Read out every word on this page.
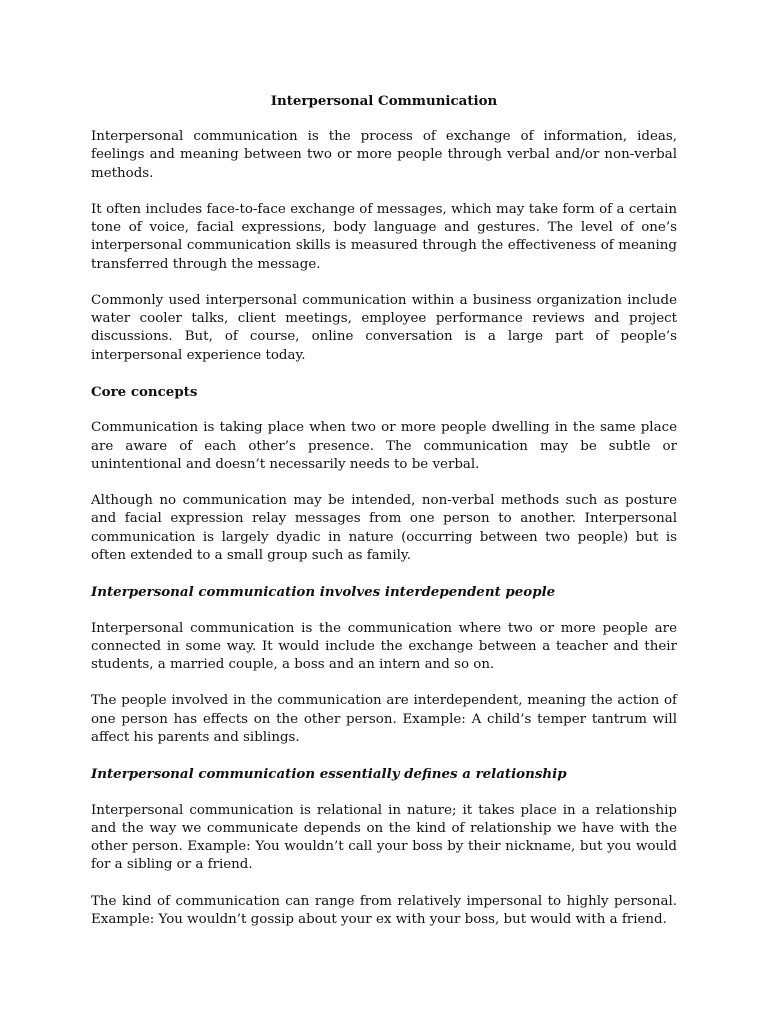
Interpersonal Communication

Interpersonal communication is the process of exchange of information, ideas, feelings and meaning between two or more people through verbal and/or non-verbal methods.

It often includes face-to-face exchange of messages, which may take form of a certain tone of voice, facial expressions, body language and gestures. The level of one’s interpersonal communication skills is measured through the effectiveness of meaning transferred through the message.

Commonly used interpersonal communication within a business organization include water cooler talks, client meetings, employee performance reviews and project discussions. But, of course, online conversation is a large part of people’s interpersonal experience today.

Core concepts

Communication is taking place when two or more people dwelling in the same place are aware of each other’s presence. The communication may be subtle or unintentional and doesn’t necessarily needs to be verbal.

Although no communication may be intended, non-verbal methods such as posture and facial expression relay messages from one person to another. Interpersonal communication is largely dyadic in nature (occurring between two people) but is often extended to a small group such as family.

Interpersonal communication involves interdependent people

Interpersonal communication is the communication where two or more people are connected in some way. It would include the exchange between a teacher and their students, a married couple, a boss and an intern and so on.

The people involved in the communication are interdependent, meaning the action of one person has effects on the other person. Example: A child’s temper tantrum will affect his parents and siblings.

Interpersonal communication essentially defines a relationship

Interpersonal communication is relational in nature; it takes place in a relationship and the way we communicate depends on the kind of relationship we have with the other person. Example: You wouldn’t call your boss by their nickname, but you would for a sibling or a friend.

The kind of communication can range from relatively impersonal to highly personal. Example: You wouldn’t gossip about your ex with your boss, but would with a friend.
